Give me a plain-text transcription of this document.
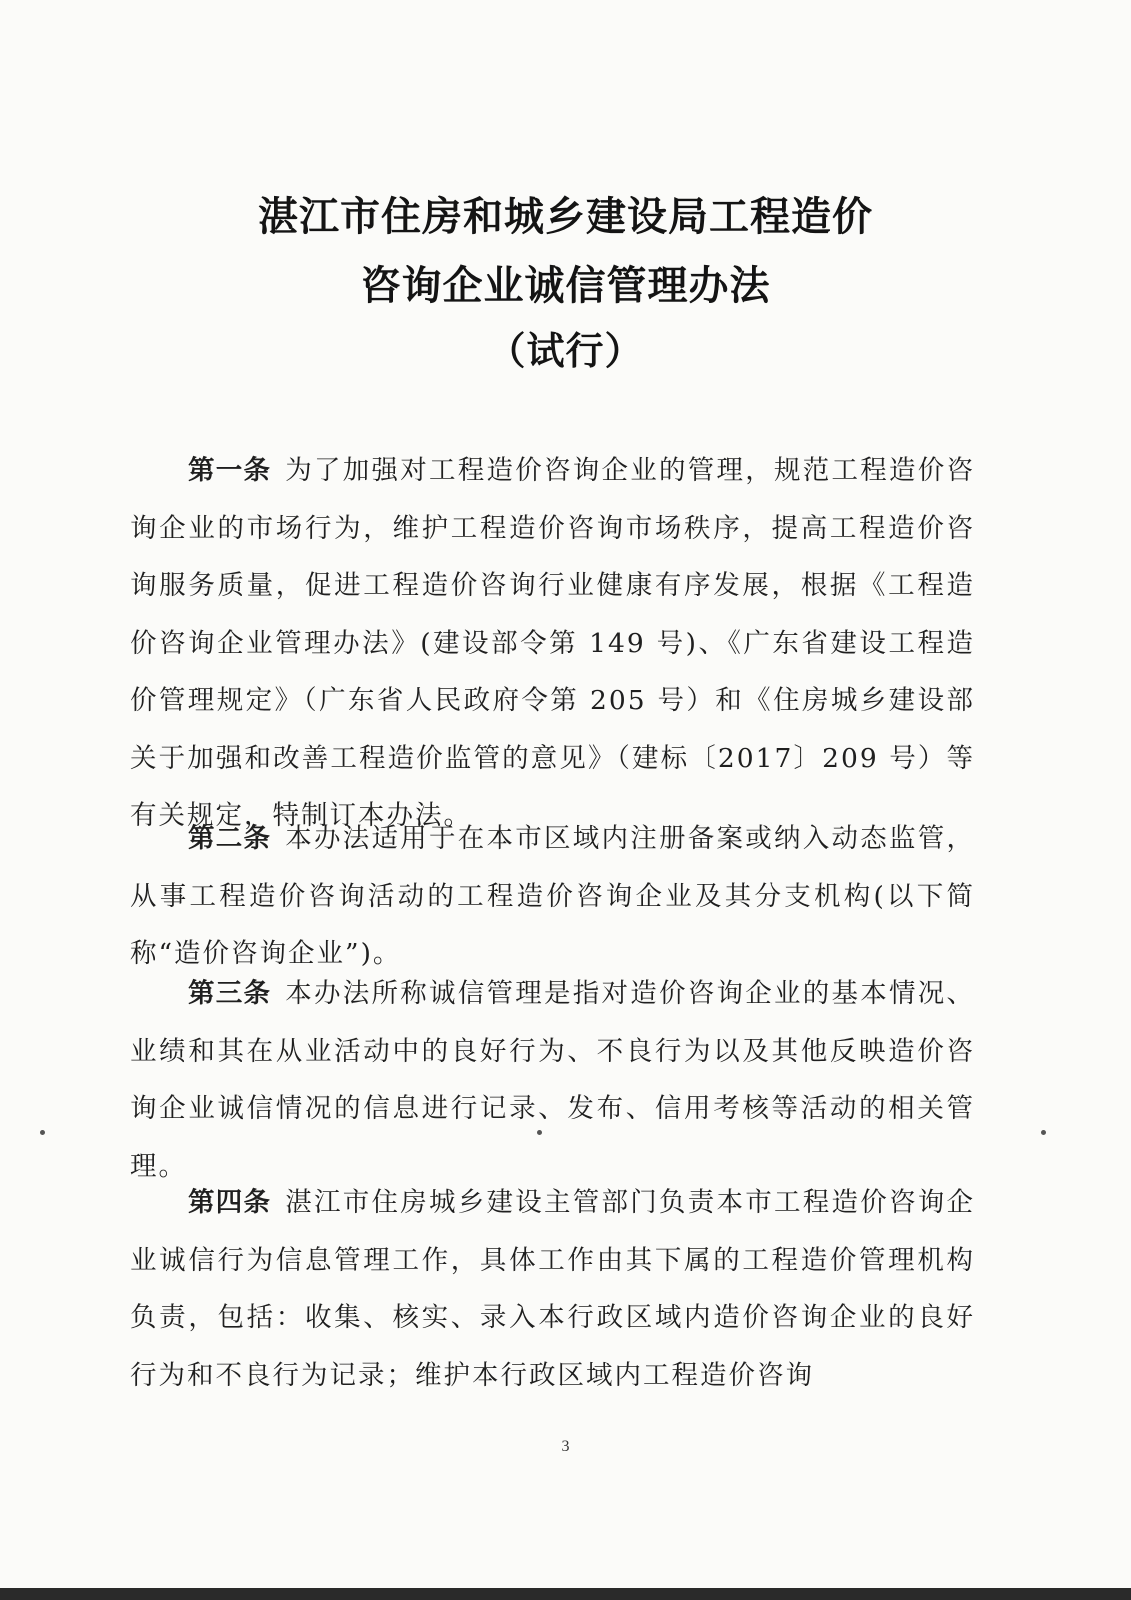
湛江市住房和城乡建设局工程造价
咨询企业诚信管理办法
（试行）

第一条 为了加强对工程造价咨询企业的管理，规范工程造价咨询企业的市场行为，维护工程造价咨询市场秩序，提高工程造价咨询服务质量，促进工程造价咨询行业健康有序发展，根据《工程造价咨询企业管理办法》(建设部令第 149 号)、《广东省建设工程造价管理规定》（广东省人民政府令第 205 号）和《住房城乡建设部关于加强和改善工程造价监管的意见》（建标〔2017〕209 号）等有关规定，特制订本办法。

第二条 本办法适用于在本市区域内注册备案或纳入动态监管，从事工程造价咨询活动的工程造价咨询企业及其分支机构(以下简称“造价咨询企业”)。

第三条 本办法所称诚信管理是指对造价咨询企业的基本情况、业绩和其在从业活动中的良好行为、不良行为以及其他反映造价咨询企业诚信情况的信息进行记录、发布、信用考核等活动的相关管理。

第四条 湛江市住房城乡建设主管部门负责本市工程造价咨询企业诚信行为信息管理工作，具体工作由其下属的工程造价管理机构负责，包括：收集、核实、录入本行政区域内造价咨询企业的良好行为和不良行为记录；维护本行政区域内工程造价咨询

3
